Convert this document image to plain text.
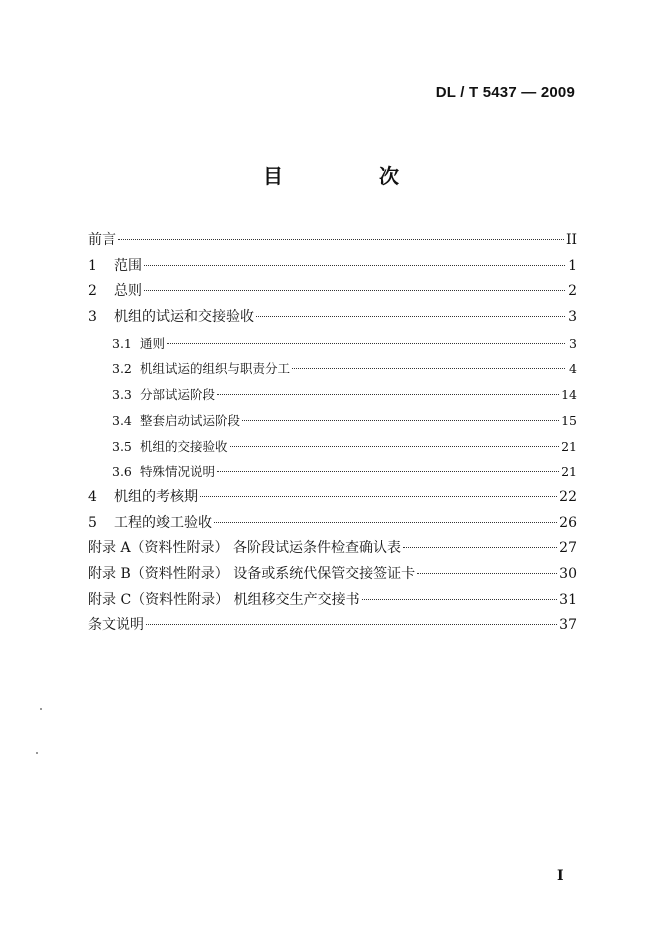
DL / T 5437 — 2009
目　次
前言	II
1	范围	1
2	总则	2
3	机组的试运和交接验收	3
3.1 通则	3
3.2 机组试运的组织与职责分工	4
3.3 分部试运阶段	14
3.4 整套启动试运阶段	15
3.5 机组的交接验收	21
3.6 特殊情况说明	21
4	机组的考核期	22
5	工程的竣工验收	26
附录 A（资料性附录） 各阶段试运条件检查确认表	27
附录 B（资料性附录） 设备或系统代保管交接签证卡	30
附录 C（资料性附录） 机组移交生产交接书	31
条文说明	37
I
